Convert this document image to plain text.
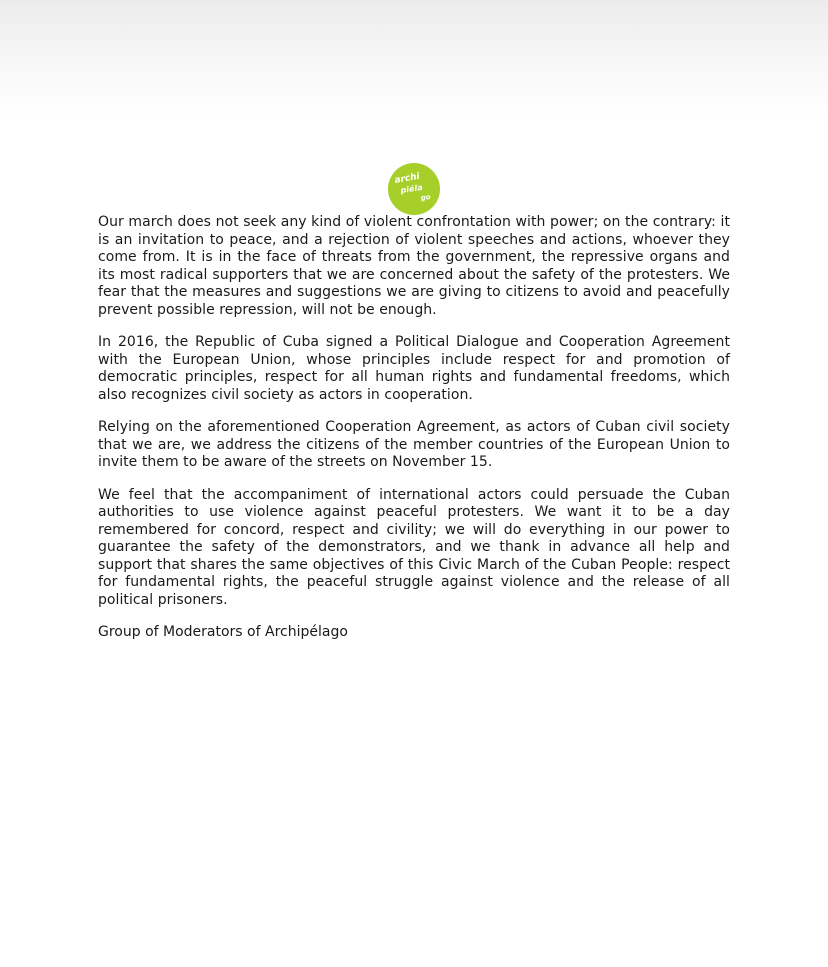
archi
piéla
go

Our march does not seek any kind of violent confrontation with power; on the contrary: it is an invitation to peace, and a rejection of violent speeches and actions, whoever they come from. It is in the face of threats from the government, the repressive organs and its most radical supporters that we are concerned about the safety of the protesters. We fear that the measures and suggestions we are giving to citizens to avoid and peacefully prevent possible repression, will not be enough.

In 2016, the Republic of Cuba signed a Political Dialogue and Cooperation Agreement with the European Union, whose principles include respect for and promotion of democratic principles, respect for all human rights and fundamental freedoms, which also recognizes civil society as actors in cooperation.

Relying on the aforementioned Cooperation Agreement, as actors of Cuban civil society that we are, we address the citizens of the member countries of the European Union to invite them to be aware of the streets on November 15.

We feel that the accompaniment of international actors could persuade the Cuban authorities to use violence against peaceful protesters. We want it to be a day remembered for concord, respect and civility; we will do everything in our power to guarantee the safety of the demonstrators, and we thank in advance all help and support that shares the same objectives of this Civic March of the Cuban People: respect for fundamental rights, the peaceful struggle against violence and the release of all political prisoners.

Group of Moderators of Archipélago
